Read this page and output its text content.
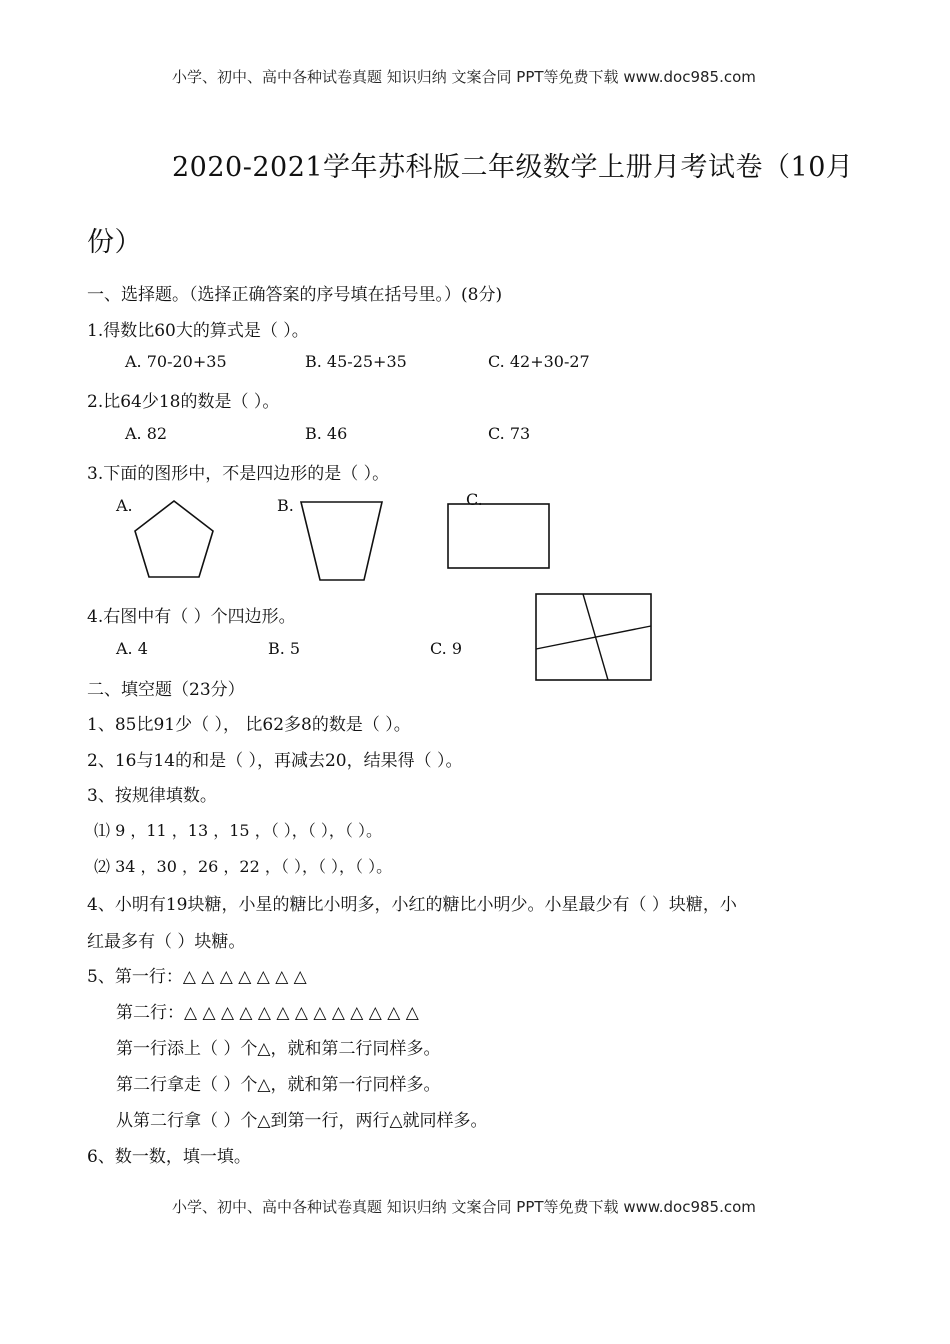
小学、初中、高中各种试卷真题 知识归纳 文案合同 PPT等免费下载 www.doc985.com
小学、初中、高中各种试卷真题 知识归纳 文案合同 PPT等免费下载 www.doc985.com
2020-2021学年苏科版二年级数学上册月考试卷（10月
份）
一、选择题。（选择正确答案的序号填在括号里。）(8分)
1.得数比60大的算式是（ ）。
A. 70-20+35	B. 45-25+35	C. 42+30-27
2.比64少18的数是（ ）。
A. 82	B. 46	C. 73
3.下面的图形中，不是四边形的是（ ）。
A.	B.	C.
4.右图中有（ ）个四边形。
A. 4	B. 5	C. 9
二、填空题（23分）
1、85比91少（ ）， 比62多8的数是（ ）。
2、16与14的和是（ ），再减去20，结果得（ ）。
3、按规律填数。
⑴ 9 ，11 ，13 ，15 ，（ ），（ ），（ ）。
⑵ 34 ，30 ，26 ，22 ，（ ），（ ），（ ）。
4、小明有19块糖，小星的糖比小明多，小红的糖比小明少。小星最少有（ ）块糖，小
红最多有（ ）块糖。
5、第一行：△ △ △ △ △ △ △
第二行：△ △ △ △ △ △ △ △ △ △ △ △ △
第一行添上（ ）个△，就和第二行同样多。
第二行拿走（ ）个△，就和第一行同样多。
从第二行拿（ ）个△到第一行，两行△就同样多。
6、数一数，填一填。
